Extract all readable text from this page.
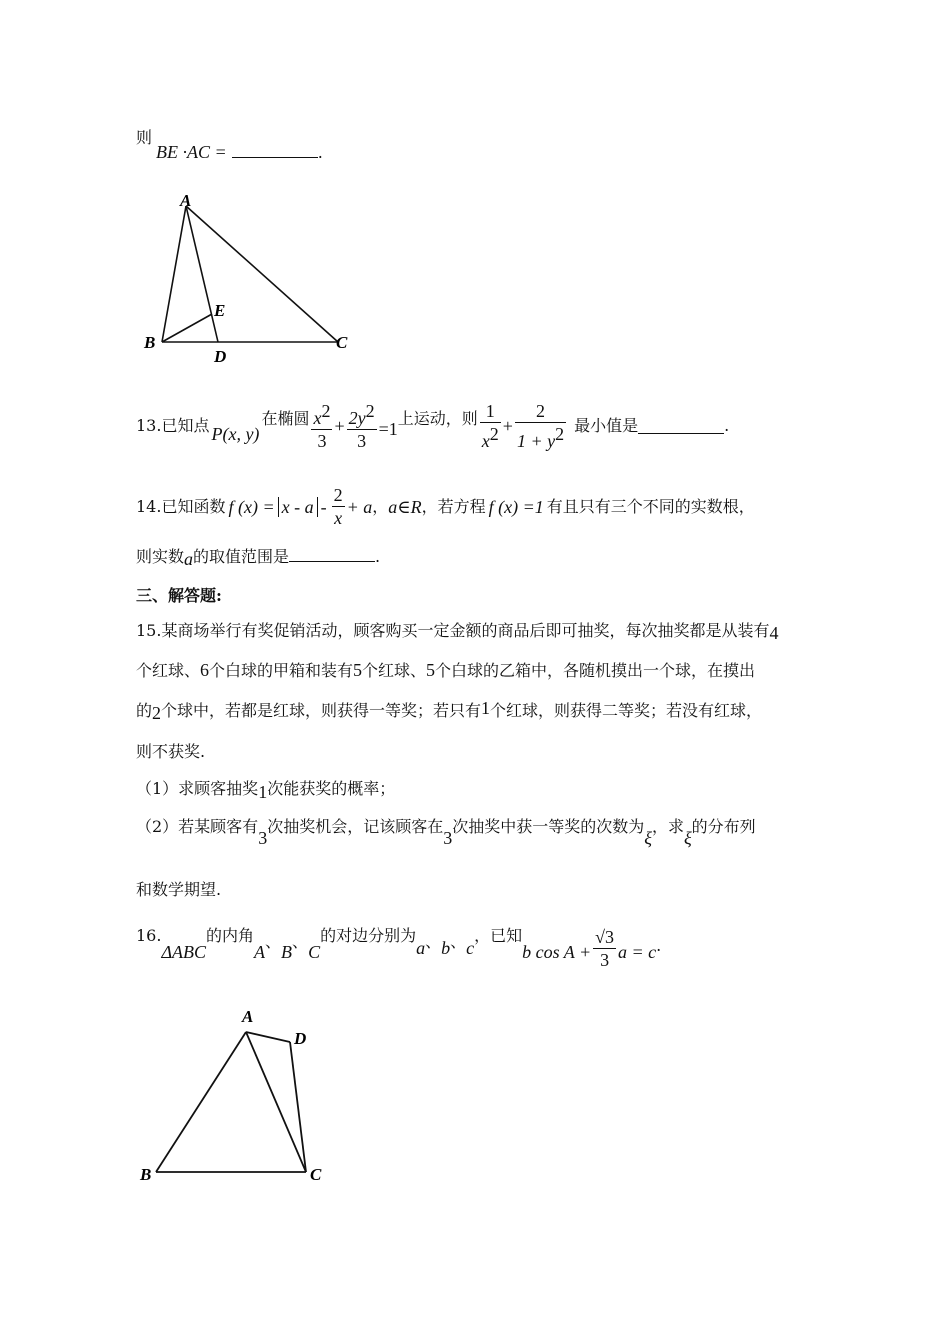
则
BE ·AC =	.
A
B	C
D
E
13. 已知点 P(x, y)
在椭圆 $\frac{x^2}{3} + \frac{2y^2}{3} =1$
上运动，则 $\frac{1}{x^2} + \frac{2}{1 + y^2}$ 最小值是	.
14. 已知函数 f $(x) = x - a - \frac{2}{x} + a$ ， a∈R ，若方程 f (x) =1 有且只有三个不同的实数根，
则实数a的取值范围是	.
三、解答题:
15.某商场举行有奖促销活动，顾客购买一定金额的商品后即可抽奖，每次抽奖都是从装有4
个红球、6个白球的甲箱和装有5个红球、5个白球的乙箱中，各随机摸出一个球，在摸出
的2个球中，若都是红球，则获得一等奖；若只有1个红球，则获得二等奖；若没有红球，
则不获奖.
（1）求顾客抽奖1次能获奖的概率；
（2）若某顾客有3次抽奖机会，记该顾客在3次抽奖中获一等奖的次数为ξ，求ξ的分布列
和数学期望.
16.
ΔABC
的内角
A
、
B
、
C
的对边分别为
a 、 b 、 c
，已知
b $\cos A + \frac{√3}{3}$ a = c .
A
B	C
D
